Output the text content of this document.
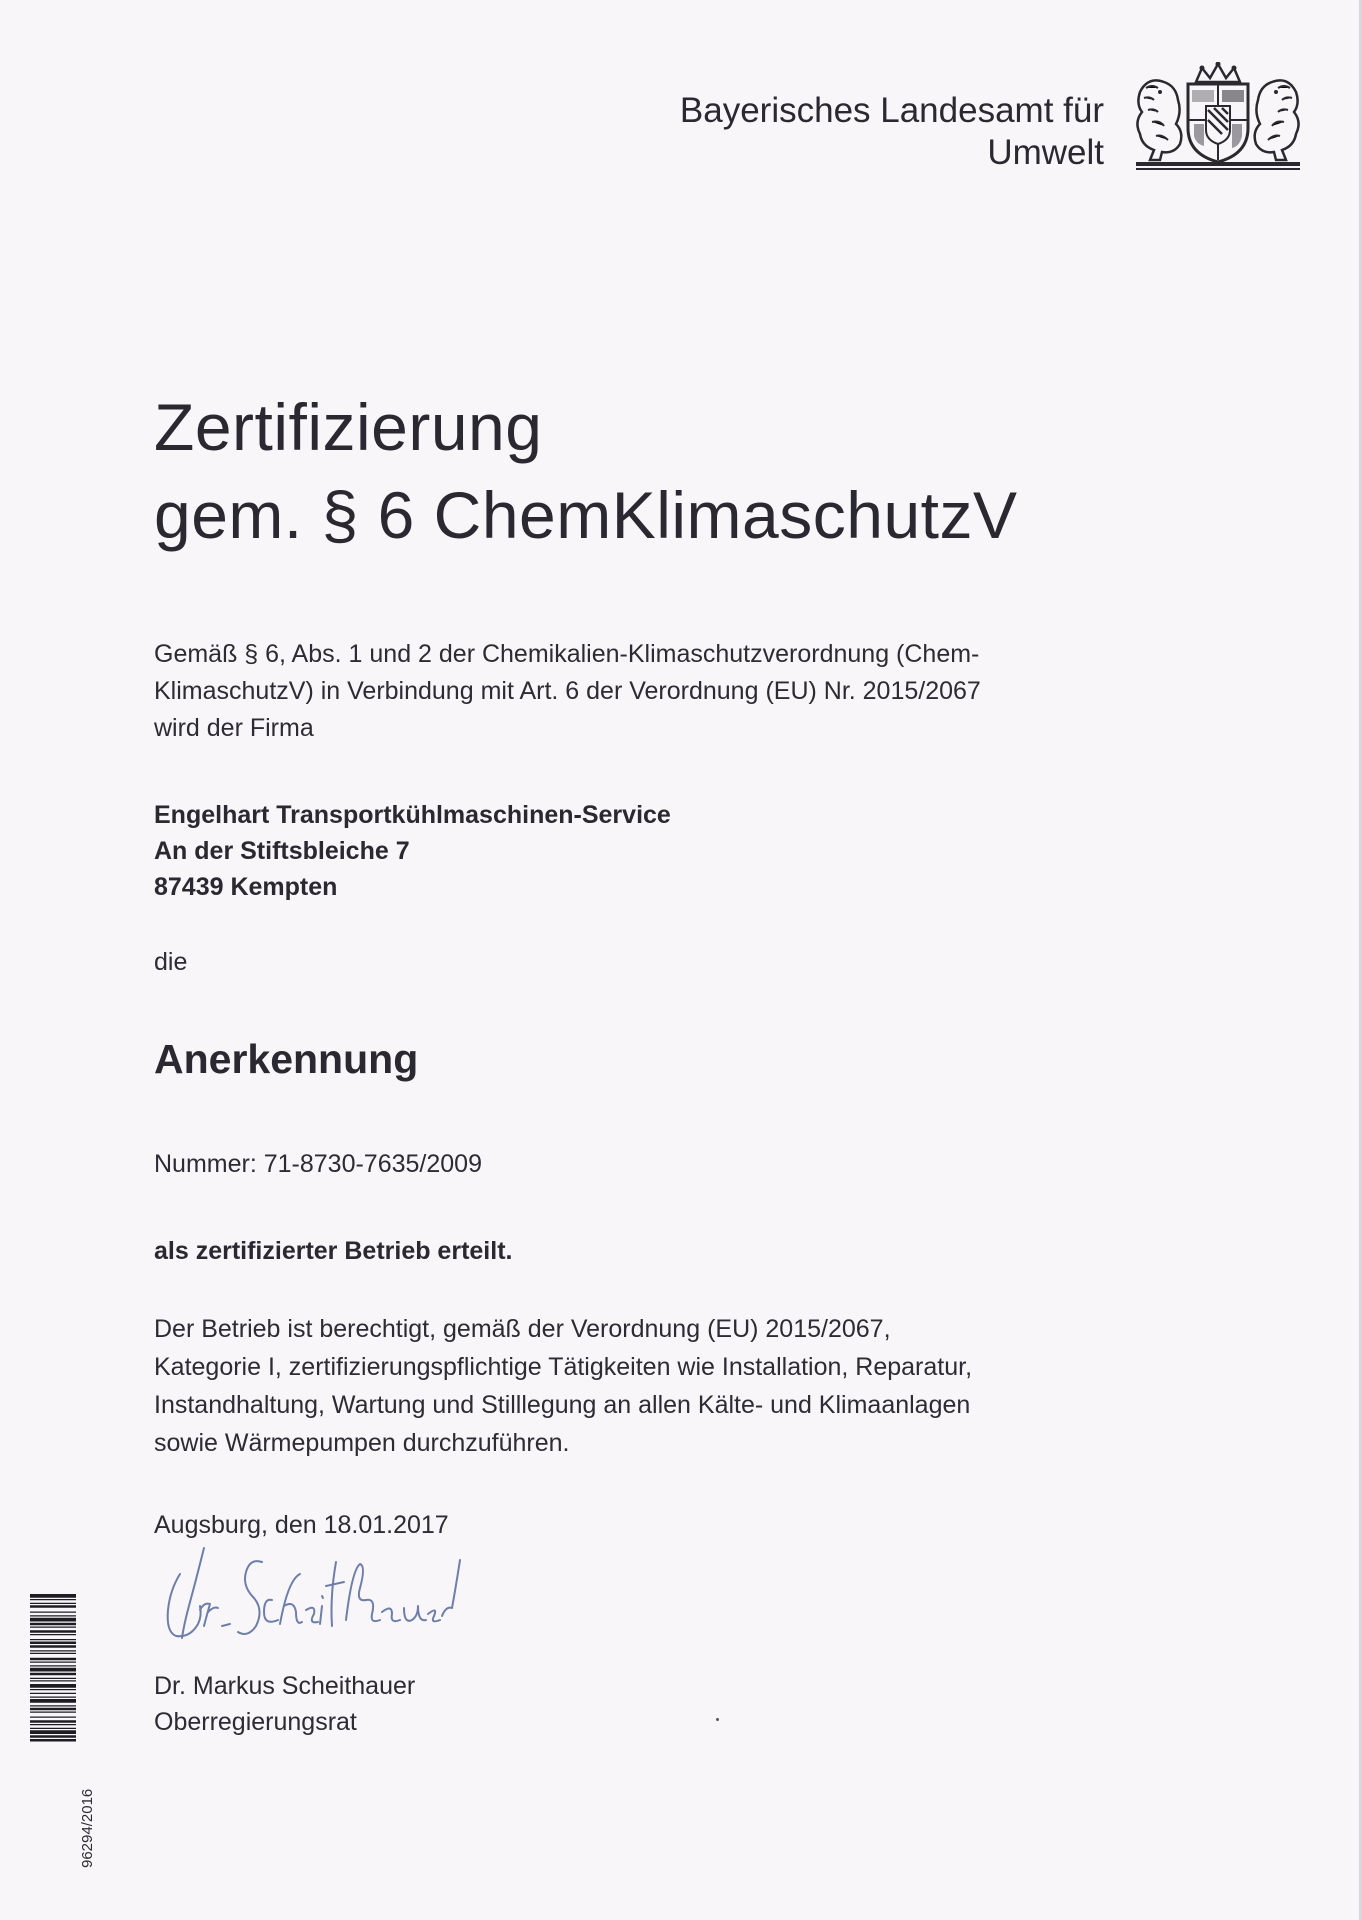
Bayerisches Landesamt für
Umwelt
Zertifizierung
gem. § 6 ChemKlimaschutzV
Gemäß § 6, Abs. 1 und 2 der Chemikalien-Klimaschutzverordnung (Chem-
KlimaschutzV) in Verbindung mit Art. 6 der Verordnung (EU) Nr. 2015/2067
wird der Firma
Engelhart Transportkühlmaschinen-Service
An der Stiftsbleiche 7
87439 Kempten
die
Anerkennung
Nummer: 71-8730-7635/2009
als zertifizierter Betrieb erteilt.
Der Betrieb ist berechtigt, gemäß der Verordnung (EU) 2015/2067,
Kategorie I, zertifizierungspflichtige Tätigkeiten wie Installation, Reparatur,
Instandhaltung, Wartung und Stilllegung an allen Kälte- und Klimaanlagen
sowie Wärmepumpen durchzuführen.
Augsburg, den 18.01.2017
Dr. Markus Scheithauer
Oberregierungsrat
96294/2016
